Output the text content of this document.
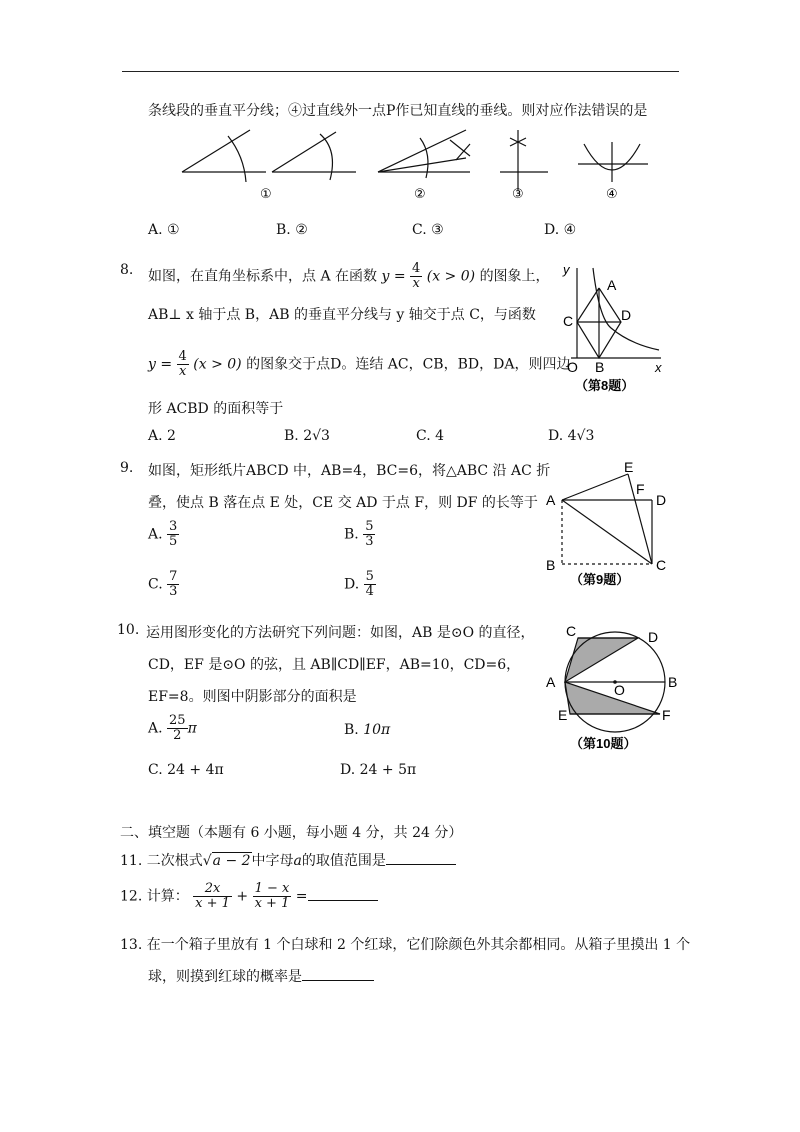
条线段的垂直平分线；④过直线外一点P作已知直线的垂线。则对应作法错误的是
①	②	③	④
A. ①	B. ②	C. ③	D. ④
8. 如图，在直角坐标系中，点 A 在函数 $y = \frac{4}{x} (x > 0)$ 的图象上，
AB⊥ x 轴于点 B，AB 的垂直平分线与 y 轴交于点 C，与函数
$y = \frac{4}{x} (x > 0)$ 的图象交于点D。连结 AC，CB，BD，DA，则四边
形 ACBD 的面积等于
A. 2	B. 2√3	C. 4	D. 4√3
y
A
C	D
O B	x
（第8题）
9. 如图，矩形纸片ABCD 中，AB=4，BC=6，将△ABC 沿 AC 折
叠，使点 B 落在点 E 处，CE 交 AD 于点 F，则 DF 的长等于
A. $\frac{3}{5}$	B. $\frac{5}{3}$
C. $\frac{7}{3}$	D. $\frac{5}{4}$
E
F
A	D
B	C
（第9题）
10. 运用图形变化的方法研究下列问题：如图，AB 是⊙O 的直径，
CD，EF 是⊙O 的弦，且 AB∥CD∥EF，AB=10，CD=6，
EF=8。则图中阴影部分的面积是
A. $\frac{25}{2}$ π	B. 10π
C. 24 + 4π	D. 24 + 5π
C	D
A	O	B
E	F
（第10题）
二、填空题（本题有 6 小题，每小题 4 分，共 24 分）
11. 二次根式√a − 2中字母a的取值范围是
12. 计算： $\frac{2x}{x + 1} + \frac{1 - x}{x + 1}$ =
13. 在一个箱子里放有 1 个白球和 2 个红球，它们除颜色外其余都相同。从箱子里摸出 1 个
球，则摸到红球的概率是
